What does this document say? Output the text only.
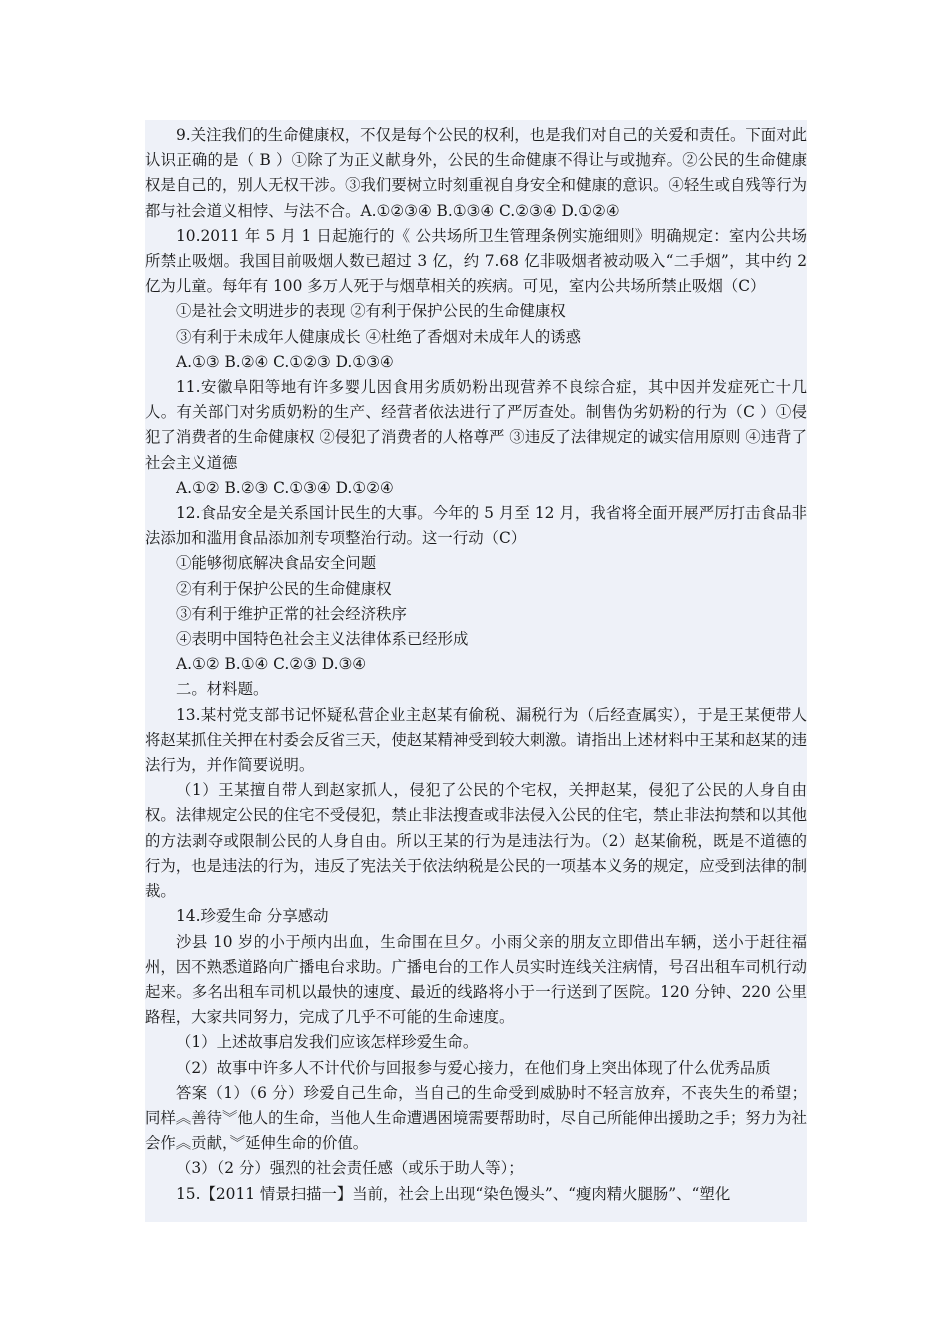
9.关注我们的生命健康权，不仅是每个公民的权利，也是我们对自己的关爱和责任。下面对此认识正确的是（ B ）①除了为正义献身外，公民的生命健康不得让与或抛弃。②公民的生命健康权是自己的，别人无权干涉。③我们要树立时刻重视自身安全和健康的意识。④轻生或自残等行为都与社会道义相悖、与法不合。A.①②③④ B.①③④ C.②③④ D.①②④

10.2011 年 5 月 1 日起施行的《 公共场所卫生管理条例实施细则》明确规定：室内公共场所禁止吸烟。我国目前吸烟人数已超过 3 亿，约 7.68 亿非吸烟者被动吸入“二手烟”，其中约 2 亿为儿童。每年有 100 多万人死于与烟草相关的疾病。可见，室内公共场所禁止吸烟（C）

①是社会文明进步的表现 ②有利于保护公民的生命健康权

③有利于未成年人健康成长 ④杜绝了香烟对未成年人的诱惑

A.①③ B.②④ C.①②③ D.①③④

11.安徽阜阳等地有许多婴儿因食用劣质奶粉出现营养不良综合症，其中因并发症死亡十几人。有关部门对劣质奶粉的生产、经营者依法进行了严厉查处。制售伪劣奶粉的行为（C ）①侵犯了消费者的生命健康权 ②侵犯了消费者的人格尊严 ③违反了法律规定的诚实信用原则 ④违背了社会主义道德

A.①② B.②③ C.①③④ D.①②④

12.食品安全是关系国计民生的大事。今年的 5 月至 12 月，我省将全面开展严厉打击食品非法添加和滥用食品添加剂专项整治行动。这一行动（C）

①能够彻底解决食品安全问题

②有利于保护公民的生命健康权

③有利于维护正常的社会经济秩序

④表明中国特色社会主义法律体系已经形成

A.①② B.①④ C.②③ D.③④

二。材料题。

13.某村党支部书记怀疑私营企业主赵某有偷税、漏税行为（后经查属实），于是王某便带人将赵某抓住关押在村委会反省三天，使赵某精神受到较大刺激。请指出上述材料中王某和赵某的违法行为，并作简要说明。

（1）王某擅自带人到赵家抓人，侵犯了公民的个宅权，关押赵某，侵犯了公民的人身自由权。法律规定公民的住宅不受侵犯，禁止非法搜查或非法侵入公民的住宅，禁止非法拘禁和以其他的方法剥夺或限制公民的人身自由。所以王某的行为是违法行为。（2）赵某偷税，既是不道德的行为，也是违法的行为，违反了宪法关于依法纳税是公民的一项基本义务的规定，应受到法律的制裁。

14.珍爱生命 分享感动

沙县 10 岁的小于颅内出血，生命围在旦夕。小雨父亲的朋友立即借出车辆，送小于赶往福州，因不熟悉道路向广播电台求助。广播电台的工作人员实时连线关注病情，号召出租车司机行动起来。多名出租车司机以最快的速度、最近的线路将小于一行送到了医院。120 分钟、220 公里路程，大家共同努力，完成了几乎不可能的生命速度。

（1）上述故事启发我们应该怎样珍爱生命。

（2）故事中许多人不计代价与回报参与爱心接力，在他们身上突出体现了什么优秀品质

答案（1）（6 分）珍爱自己生命，当自己的生命受到威胁时不轻言放弃，不丧失生的希望；同样︽善待︾他人的生命，当他人生命遭遇困境需要帮助时，尽自己所能伸出援助之手；努力为社会作︽贡献，︾延伸生命的价值。

（3）（2 分）强烈的社会责任感（或乐于助人等）；

15.【2011 情景扫描一】当前，社会上出现“染色馒头”、“瘦肉精火腿肠”、“塑化
